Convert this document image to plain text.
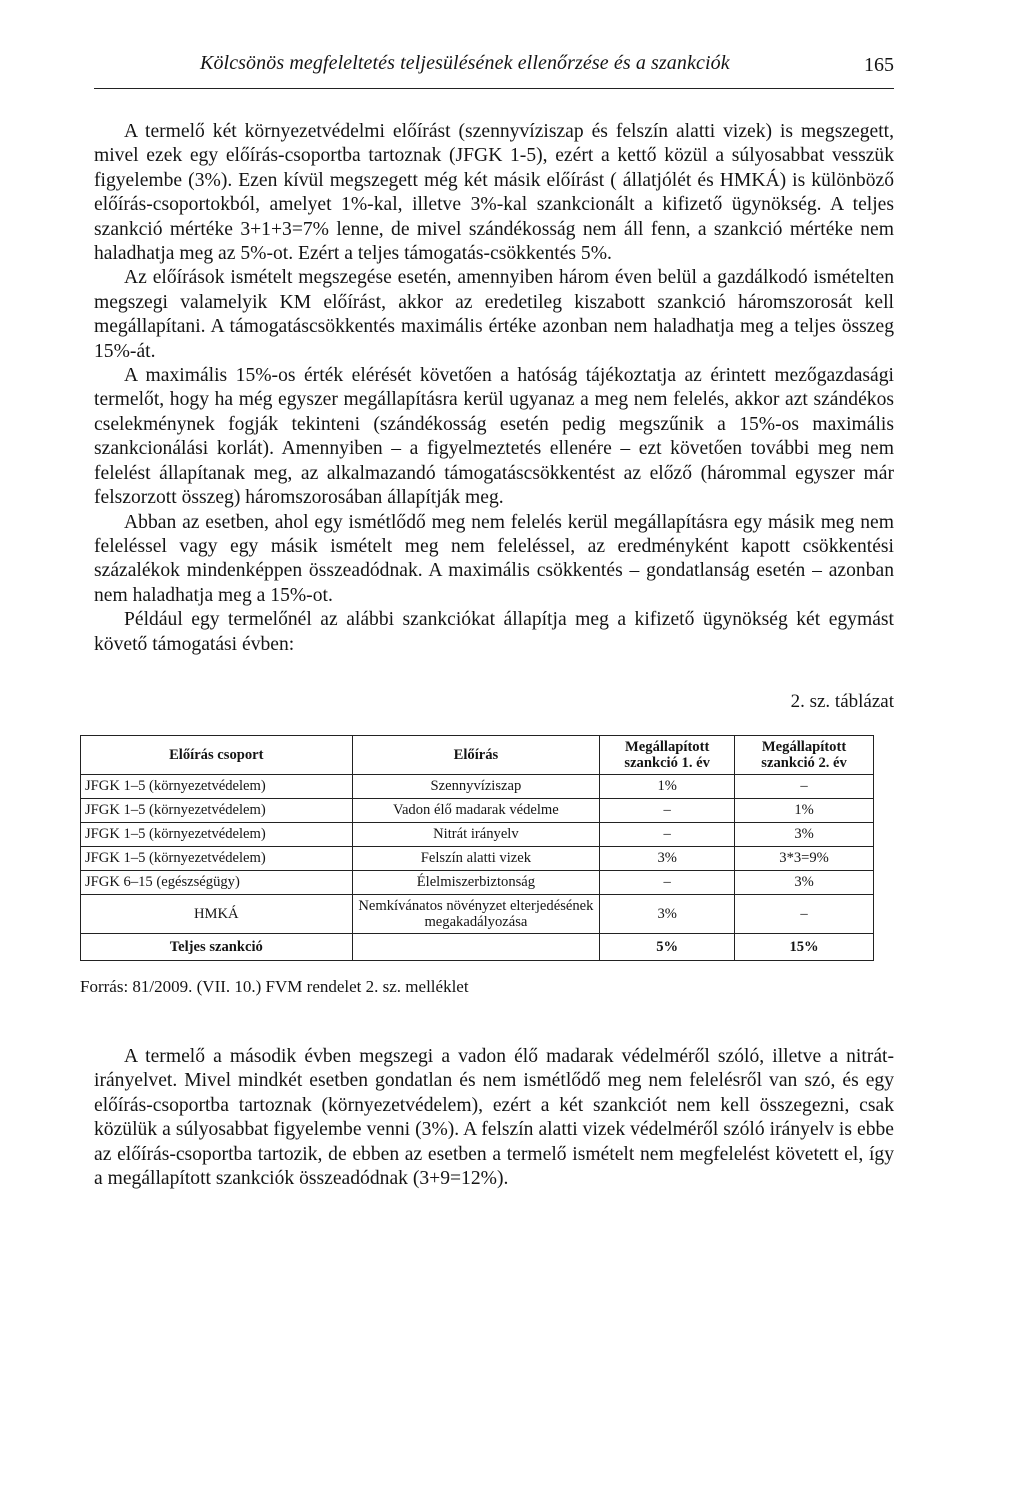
Kölcsönös megfeleltetés teljesülésének ellenőrzése és a szankciók	165

A termelő két környezetvédelmi előírást (szennyvíziszap és felszín alatti vizek) is megszegett, mivel ezek egy előírás-csoportba tartoznak (JFGK 1-5), ezért a kettő közül a súlyosabbat vesszük figyelembe (3%). Ezen kívül megszegett még két másik előírást ( állatjólét és HMKÁ) is különböző előírás-csoportokból, amelyet 1%-kal, illetve 3%-kal szankcionált a kifizető ügynökség. A teljes szankció mértéke 3+1+3=7% lenne, de mivel szándékosság nem áll fenn, a szankció mértéke nem haladhatja meg az 5%-ot. Ezért a teljes támogatás-csökkentés 5%.

Az előírások ismételt megszegése esetén, amennyiben három éven belül a gazdálkodó ismételten megszegi valamelyik KM előírást, akkor az eredetileg kiszabott szankció háromszorosát kell megállapítani. A támogatáscsökkentés maximális értéke azonban nem haladhatja meg a teljes összeg 15%-át.

A maximális 15%-os érték elérését követően a hatóság tájékoztatja az érintett mezőgazdasági termelőt, hogy ha még egyszer megállapításra kerül ugyanaz a meg nem felelés, akkor azt szándékos cselekménynek fogják tekinteni (szándékosság esetén pedig megszűnik a 15%-os maximális szankcionálási korlát). Amennyiben – a figyelmeztetés ellenére – ezt követően további meg nem felelést állapítanak meg, az alkalmazandó támogatáscsökkentést az előző (hárommal egyszer már felszorzott összeg) háromszorosában állapítják meg.

Abban az esetben, ahol egy ismétlődő meg nem felelés kerül megállapításra egy másik meg nem feleléssel vagy egy másik ismételt meg nem feleléssel, az eredményként kapott csökkentési százalékok mindenképpen összeadódnak. A maximális csökkentés – gondatlanság esetén – azonban nem haladhatja meg a 15%-ot.

Például egy termelőnél az alábbi szankciókat állapítja meg a kifizető ügynökség két egymást követő támogatási évben:

2. sz. táblázat
Előírás csoport	Előírás	Megállapított szankció 1. év	Megállapított szankció 2. év
JFGK 1–5 (környezetvédelem)	Szennyvíziszap	1%	–
JFGK 1–5 (környezetvédelem)	Vadon élő madarak védelme	–	1%
JFGK 1–5 (környezetvédelem)	Nitrát irányelv	–	3%
JFGK 1–5 (környezetvédelem)	Felszín alatti vizek	3%	3*3=9%
JFGK 6–15 (egészségügy)	Élelmiszerbiztonság	–	3%
HMKÁ	Nemkívánatos növényzet elterjedésének megakadályozása	3%	–
Teljes szankció		5%	15%
Forrás: 81/2009. (VII. 10.) FVM rendelet 2. sz. melléklet

A termelő a második évben megszegi a vadon élő madarak védelméről szóló, illetve a nitrát-irányelvet. Mivel mindkét esetben gondatlan és nem ismétlődő meg nem felelésről van szó, és egy előírás-csoportba tartoznak (környezetvédelem), ezért a két szankciót nem kell összegezni, csak közülük a súlyosabbat figyelembe venni (3%). A felszín alatti vizek védelméről szóló irányelv is ebbe az előírás-csoportba tartozik, de ebben az esetben a termelő ismételt nem megfelelést követett el, így a megállapított szankciók összeadódnak (3+9=12%).
